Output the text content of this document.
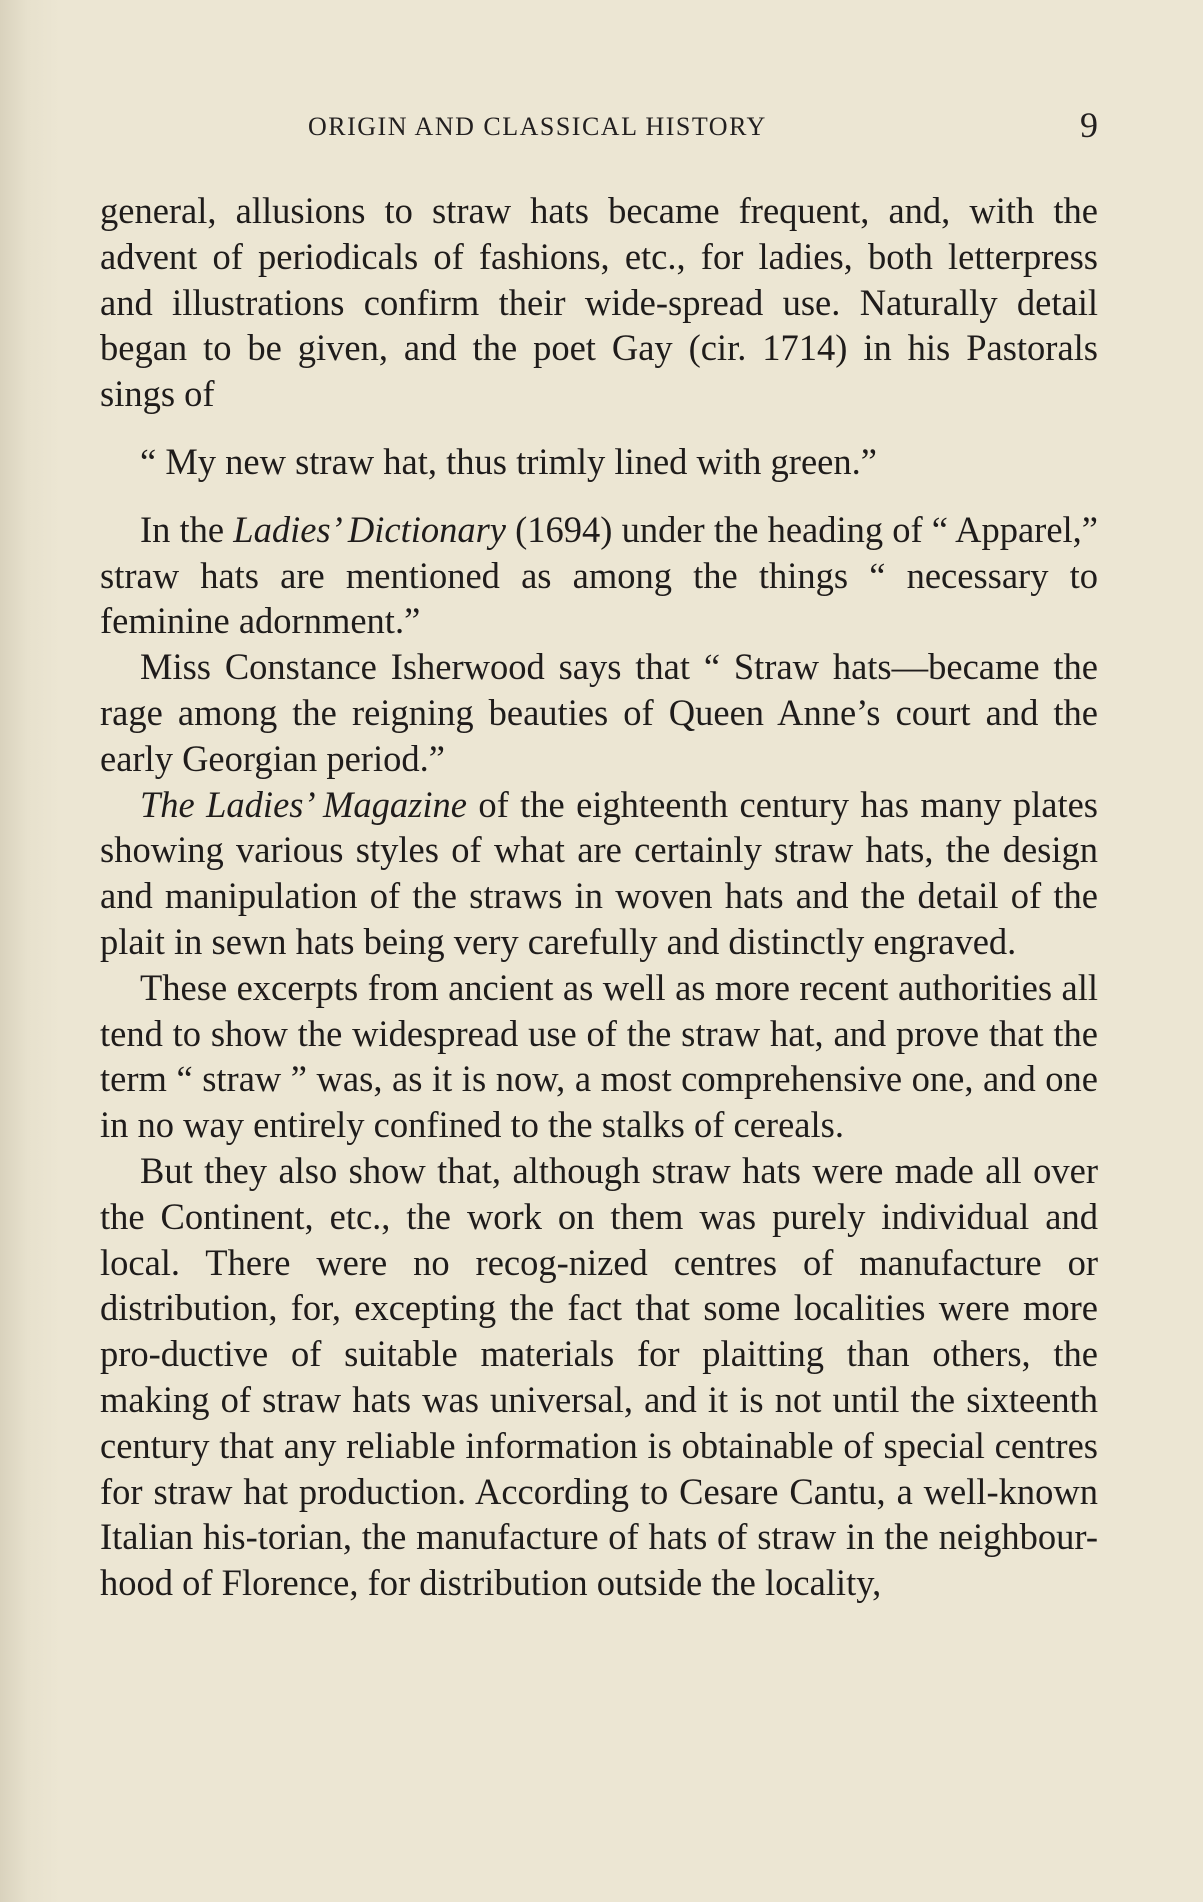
ORIGIN AND CLASSICAL HISTORY	9

general, allusions to straw hats became frequent, and, with the advent of periodicals of fashions, etc., for ladies, both letterpress and illustrations confirm their wide-spread use. Naturally detail began to be given, and the poet Gay (cir. 1714) in his Pastorals sings of

“ My new straw hat, thus trimly lined with green.”

In the Ladies’ Dictionary (1694) under the heading of “ Apparel,” straw hats are mentioned as among the things “ necessary to feminine adornment.”

Miss Constance Isherwood says that “ Straw hats—became the rage among the reigning beauties of Queen Anne’s court and the early Georgian period.”

The Ladies’ Magazine of the eighteenth century has many plates showing various styles of what are certainly straw hats, the design and manipulation of the straws in woven hats and the detail of the plait in sewn hats being very carefully and distinctly engraved.

These excerpts from ancient as well as more recent authorities all tend to show the widespread use of the straw hat, and prove that the term “ straw ” was, as it is now, a most comprehensive one, and one in no way entirely confined to the stalks of cereals.

But they also show that, although straw hats were made all over the Continent, etc., the work on them was purely individual and local. There were no recog-nized centres of manufacture or distribution, for, excepting the fact that some localities were more pro-ductive of suitable materials for plaitting than others, the making of straw hats was universal, and it is not until the sixteenth century that any reliable information is obtainable of special centres for straw hat production. According to Cesare Cantu, a well-known Italian his-torian, the manufacture of hats of straw in the neighbour-hood of Florence, for distribution outside the locality,
